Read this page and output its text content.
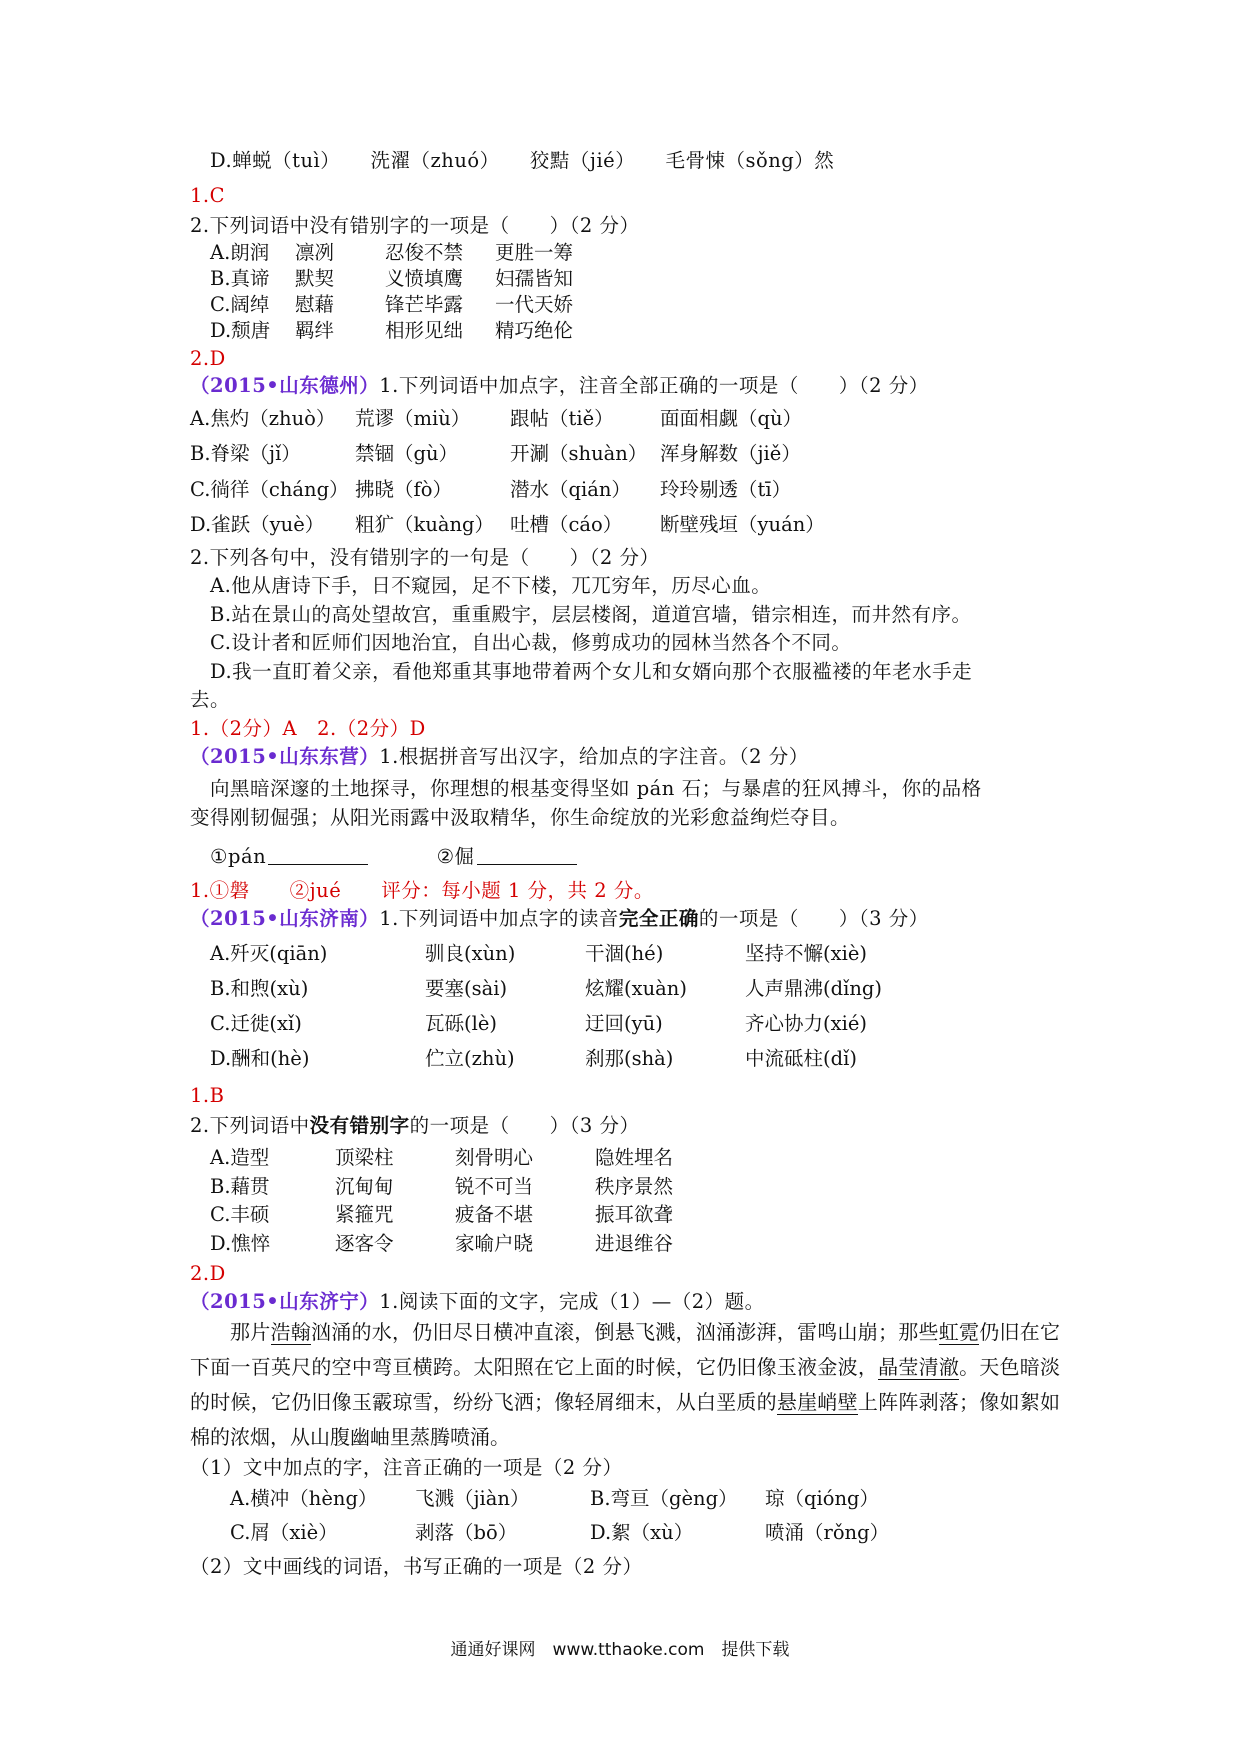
D.蝉蜕（tuì）　　洗濯（zhuó）　　狡黠（jié）　　毛骨悚（sǒng）然
1.C
2.下列词语中没有错别字的一项是（　　）（2 分）
A.朗润 凛冽	忍俊不禁 更胜一筹
B.真谛 默契	义愤填鹰 妇孺皆知
C.阔绰 慰藉	锋芒毕露 一代天娇
D.颓唐 羁绊	相形见绌 精巧绝伦
2.D
（2015•山东德州）1.下列词语中加点字，注音全部正确的一项是（　　）（2 分）
A.焦灼（zhuò） 荒谬（miù） 跟帖（tiě） 面面相觑（qù）
B.脊梁（jǐ）	禁锢（gù）	开涮（shuàn） 浑身解数（jiě）
C.徜徉（cháng） 拂晓（fò）	潜水（qián） 玲玲剔透（tī）
D.雀跃（yuè） 粗犷（kuàng） 吐槽（cáo） 断壁残垣（yuán）
2.下列各句中，没有错别字的一句是（　　）（2 分）
A.他从唐诗下手，日不窥园，足不下楼，兀兀穷年，历尽心血。
B.站在景山的高处望故宫，重重殿宇，层层楼阁，道道宫墙，错宗相连，而井然有序。
C.设计者和匠师们因地治宜，自出心裁，修剪成功的园林当然各个不同。
D.我一直盯着父亲，看他郑重其事地带着两个女儿和女婿向那个衣服褴褛的年老水手走
去。
1.（2分）A　2.（2分）D
（2015•山东东营）1.根据拼音写出汉字，给加点的字注音。（2 分）
向黑暗深邃的土地探寻，你理想的根基变得坚如 pán 石；与暴虐的狂风搏斗，你的品格
变得刚韧倔强；从阳光雨露中汲取精华，你生命绽放的光彩愈益绚烂夺目。
①pán	②倔
1.①磐　　②jué　　评分：每小题 1 分，共 2 分。
（2015•山东济南）1.下列词语中加点字的读音完全正确的一项是（　　）（3 分）
A.歼灭(qiān)	驯良(xùn)	干涸(hé)	坚持不懈(xiè)
B.和煦(xù)	要塞(sài)	炫耀(xuàn)	人声鼎沸(dǐng)
C.迁徙(xǐ)	瓦砾(lè)	迂回(yū)	齐心协力(xié)
D.酬和(hè)	伫立(zhù)	刹那(shà)	中流砥柱(dǐ)
1.B
2.下列词语中没有错别字的一项是（　　）（3 分）
A.造型	顶梁柱	刻骨明心	隐姓埋名
B.藉贯	沉甸甸	锐不可当	秩序景然
C.丰硕	紧箍咒	疲备不堪	振耳欲聋
D.憔悴	逐客令	家喻户晓	进退维谷
2.D
（2015•山东济宁）1.阅读下面的文字，完成（1）—（2）题。
那片浩翰汹涌的水，仍旧尽日横冲直滚，倒悬飞溅，汹涌澎湃，雷鸣山崩；那些虹霓仍旧在它下面一百英尺的空中弯亘横跨。太阳照在它上面的时候，它仍旧像玉液金波，晶莹清澈。天色暗淡的时候，它仍旧像玉霰琼雪，纷纷飞洒；像轻屑细末，从白垩质的悬崖峭壁上阵阵剥落；像如絮如棉的浓烟，从山腹幽岫里蒸腾喷涌。
（1）文中加点的字，注音正确的一项是（2 分）
A.横冲（hèng） 飞溅（jiàn）	B.弯亘（gèng） 琼（qióng）
C.屑（xiè）	剥落（bō）	D.絮（xù）	喷涌（rǒng）
（2）文中画线的词语，书写正确的一项是（2 分）
通通好课网　www.tthaoke.com　提供下载
